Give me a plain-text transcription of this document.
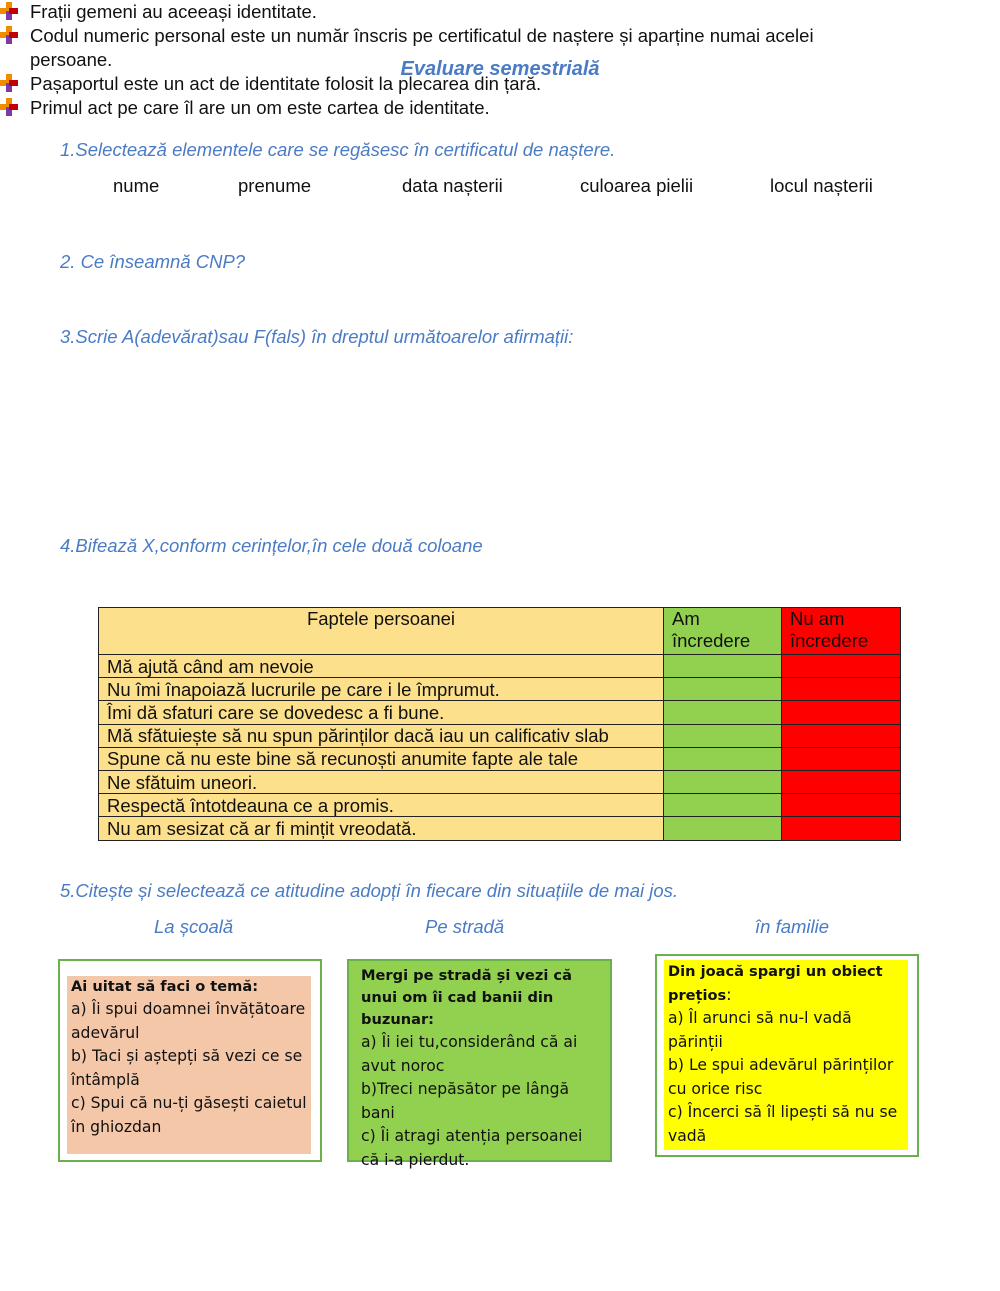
Evaluare semestrială
1.Selectează elementele care se regăsesc în certificatul de naștere.
nume	prenume	data nașterii	culoarea pielii	locul nașterii
2. Ce înseamnă CNP?
3.Scrie A(adevărat)sau F(fals) în dreptul următoarelor afirmații:
Frații gemeni au aceeași identitate.
Codul numeric personal este un număr înscris pe certificatul de naștere și aparține numai acelei persoane.
Pașaportul este un act de identitate folosit la plecarea din țară.
Primul act pe care îl are un om este cartea de identitate.
4.Bifează X,conform cerințelor,în cele două coloane
Faptele persoanei	Am încredere	Nu am încredere
Mă ajută când am nevoie		
Nu îmi înapoiază lucrurile pe care i le împrumut.		
Îmi dă sfaturi care se dovedesc a fi bune.		
Mă sfătuiește să nu spun părinților dacă iau un calificativ slab		
Spune că nu este bine să recunoști anumite fapte ale tale		
Ne sfătuim uneori.		
Respectă întotdeauna ce a promis.		
Nu am sesizat că ar fi mințit vreodată.		
5.Citește și selectează ce atitudine adopți în fiecare din situațiile de mai jos.
La școală	Pe stradă	în familie
Ai uitat să faci o temă:
a) Îi spui doamnei învățătoare adevărul
b) Taci și aștepți să vezi ce se întâmplă
c) Spui că nu-ți găsești caietul în ghiozdan
Mergi pe stradă și vezi că unui om îi cad banii din buzunar:
a) Îi iei tu,considerând că ai avut noroc
b)Treci nepăsător pe lângă bani
c) Îi atragi atenția persoanei că i-a pierdut.
Din joacă spargi un obiect prețios:
a) Îl arunci să nu-l vadă părinții
b) Le spui adevărul părinților cu orice risc
c) Încerci să îl lipești să nu se vadă
